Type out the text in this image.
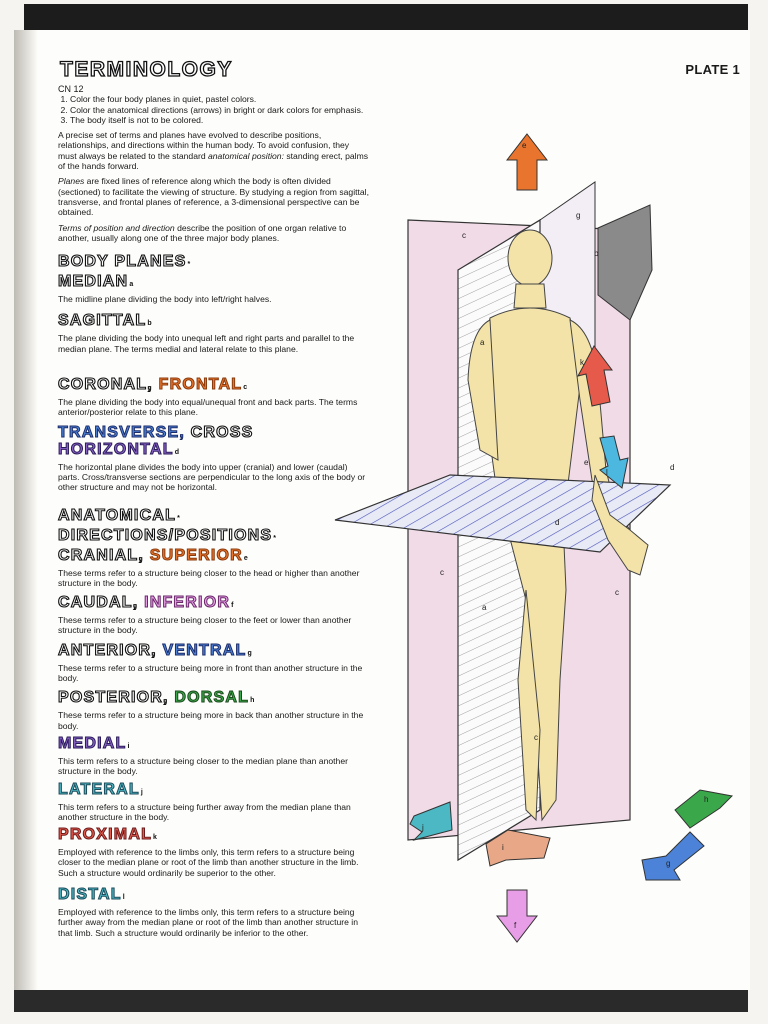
PLATE 1
TERMINOLOGY
CN 12
1. Color the four body planes in quiet, pastel colors.
2. Color the anatomical directions (arrows) in bright or dark colors for emphasis.
3. The body itself is not to be colored.

A precise set of terms and planes have evolved to describe positions, relationships, and directions within the human body. To avoid confusion, they must always be related to the standard anatomical position: standing erect, palms of the hands forward.

Planes are fixed lines of reference along which the body is often divided (sectioned) to facilitate the viewing of structure. By studying a region from sagittal, transverse, and frontal planes of reference, a 3-dimensional perspective can be obtained.

Terms of position and direction describe the position of one organ relative to another, usually along one of the three major body planes.

BODY PLANES*
MEDIANa

The midline plane dividing the body into left/right halves.

SAGITTALb

The plane dividing the body into unequal left and right parts and parallel to the median plane. The terms medial and lateral relate to this plane.

CORONAL, FRONTALc

The plane dividing the body into equal/unequal front and back parts. The terms anterior/posterior relate to this plane.

TRANSVERSE, CROSS
HORIZONTALd

The horizontal plane divides the body into upper (cranial) and lower (caudal) parts. Cross/transverse sections are perpendicular to the long axis of the body or other structure and may not be horizontal.

ANATOMICAL*
DIRECTIONS/POSITIONS*
CRANIAL, SUPERIORe

These terms refer to a structure being closer to the head or higher than another structure in the body.

CAUDAL, INFERIORf

These terms refer to a structure being closer to the feet or lower than another structure in the body.

ANTERIOR, VENTRALg

These terms refer to a structure being more in front than another structure in the body.

POSTERIOR, DORSALh

These terms refer to a structure being more in back than another structure in the body.

MEDIALi

This term refers to a structure being closer to the median plane than another structure in the body.

LATERALj

This term refers to a structure being further away from the median plane than another structure in the body.

PROXIMALk

Employed with reference to the limbs only, this term refers to a structure being closer to the median plane or root of the limb than another structure in the limb. Such a structure would ordinarily be superior to the other.

DISTALl

Employed with reference to the limbs only, this term refers to a structure being further away from the median plane or root of the limb than another structure in that limb. Such a structure would ordinarily be inferior to the other.

c
g
a
b
k
e
l
d
d
c
c
a
c
e
f
h
g
j
i
